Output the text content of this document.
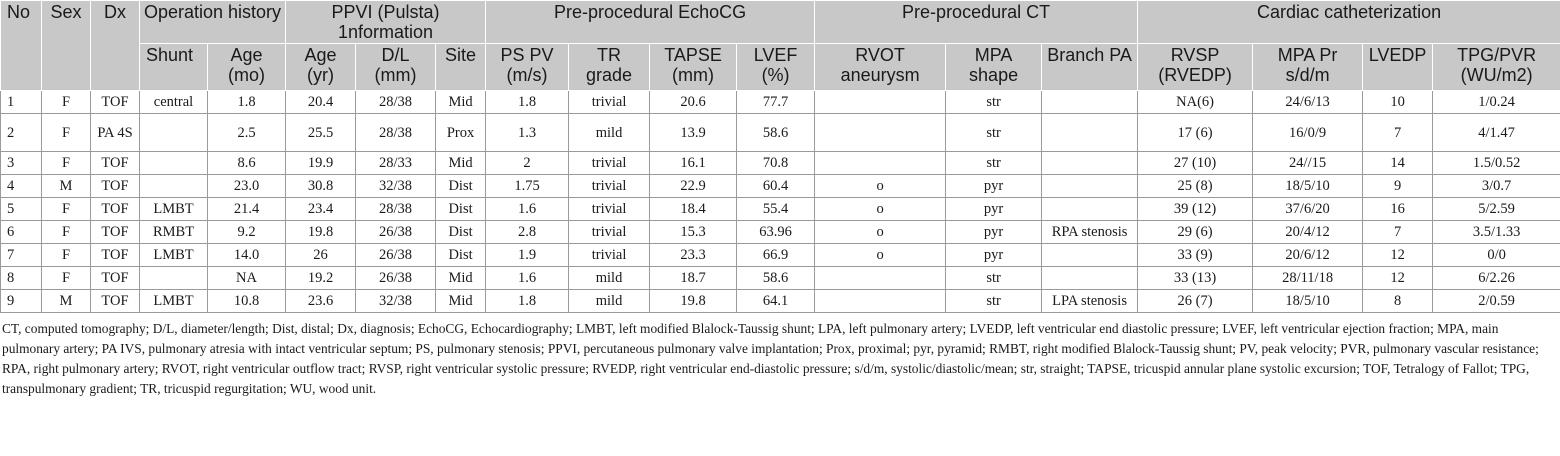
No	Sex	Dx	Operation history		PPVI (Pulsta) 1nformation			Pre-procedural EchoCG				Pre-procedural CT			Cardiac catheterization			
			Shunt	Age (mo)	Age (yr)	D/L (mm)	Site	PS PV (m/s)	TR grade	TAPSE (mm)	LVEF (%)	RVOT aneurysm	MPA shape	Branch PA	RVSP (RVEDP)	MPA Pr s/d/m	LVEDP	TPG/PVR (WU/m2)
1	F	TOF	central	1.8	20.4	28/38	Mid	1.8	trivial	20.6	77.7		str		NA(6)	24/6/13	10	1/0.24
2	F	PA 4S		2.5	25.5	28/38	Prox	1.3	mild	13.9	58.6		str		17 (6)	16/0/9	7	4/1.47
3	F	TOF		8.6	19.9	28/33	Mid	2	trivial	16.1	70.8		str		27 (10)	24//15	14	1.5/0.52
4	M	TOF		23.0	30.8	32/38	Dist	1.75	trivial	22.9	60.4	o	pyr		25 (8)	18/5/10	9	3/0.7
5	F	TOF	LMBT	21.4	23.4	28/38	Dist	1.6	trivial	18.4	55.4	o	pyr		39 (12)	37/6/20	16	5/2.59
6	F	TOF	RMBT	9.2	19.8	26/38	Dist	2.8	trivial	15.3	63.96	o	pyr	RPA stenosis	29 (6)	20/4/12	7	3.5/1.33
7	F	TOF	LMBT	14.0	26	26/38	Dist	1.9	trivial	23.3	66.9	o	pyr		33 (9)	20/6/12	12	0/0
8	F	TOF		NA	19.2	26/38	Mid	1.6	mild	18.7	58.6		str		33 (13)	28/11/18	12	6/2.26
9	M	TOF	LMBT	10.8	23.6	32/38	Mid	1.8	mild	19.8	64.1		str	LPA stenosis	26 (7)	18/5/10	8	2/0.59

CT, computed tomography; D/L, diameter/length; Dist, distal; Dx, diagnosis; EchoCG, Echocardiography; LMBT, left modified Blalock-Taussig shunt; LPA, left pulmonary artery; LVEDP, left ventricular end diastolic pressure; LVEF, left ventricular ejection fraction; MPA, main pulmonary artery; PA IVS, pulmonary atresia with intact ventricular septum; PS, pulmonary stenosis; PPVI, percutaneous pulmonary valve implantation; Prox, proximal; pyr, pyramid; RMBT, right modified Blalock-Taussig shunt; PV, peak velocity; PVR, pulmonary vascular resistance; RPA, right pulmonary artery; RVOT, right ventricular outflow tract; RVSP, right ventricular systolic pressure; RVEDP, right ventricular end-diastolic pressure; s/d/m, systolic/diastolic/mean; str, straight; TAPSE, tricuspid annular plane systolic excursion; TOF, Tetralogy of Fallot; TPG, transpulmonary gradient; TR, tricuspid regurgitation; WU, wood unit.
